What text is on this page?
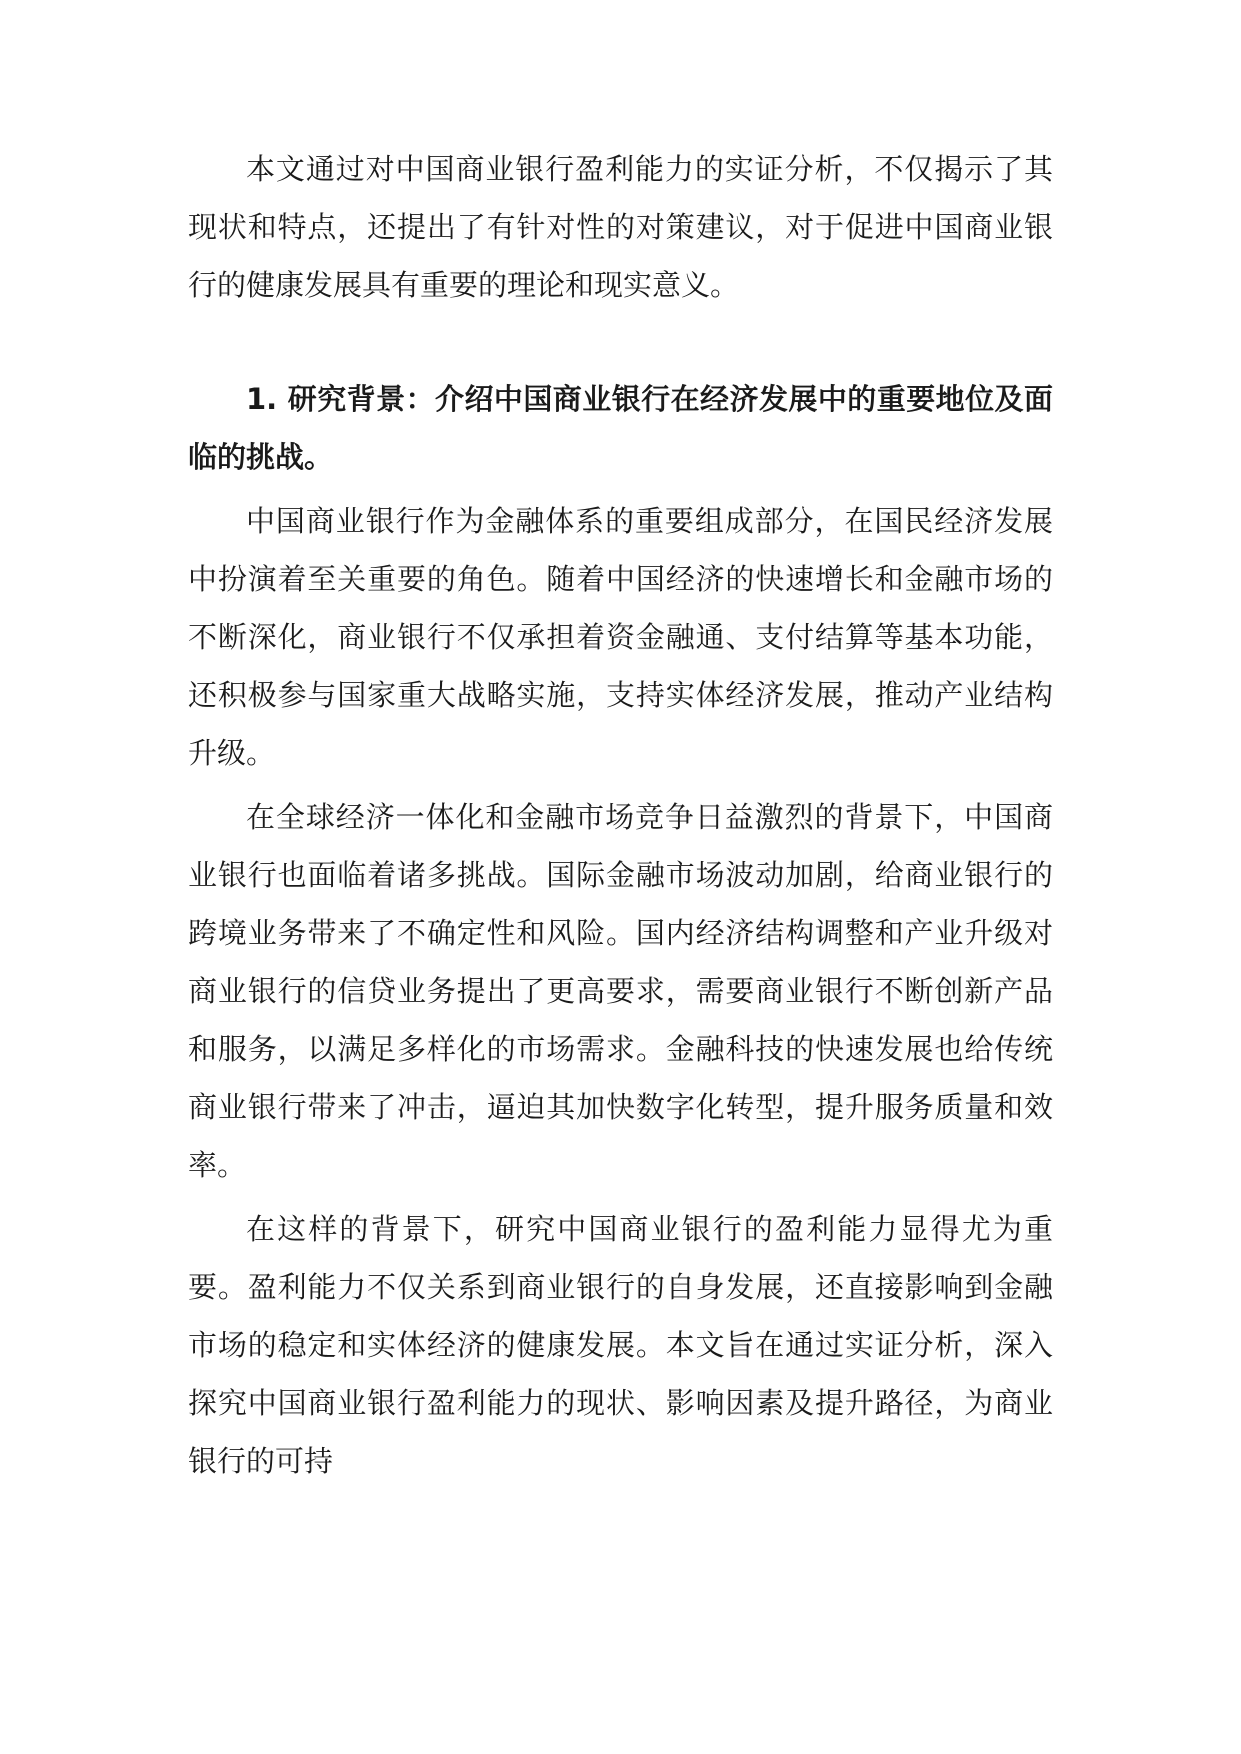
本文通过对中国商业银行盈利能力的实证分析，不仅揭示了其现状和特点，还提出了有针对性的对策建议，对于促进中国商业银行的健康发展具有重要的理论和现实意义。

1. 研究背景：介绍中国商业银行在经济发展中的重要地位及面临的挑战。

中国商业银行作为金融体系的重要组成部分，在国民经济发展中扮演着至关重要的角色。随着中国经济的快速增长和金融市场的不断深化，商业银行不仅承担着资金融通、支付结算等基本功能，还积极参与国家重大战略实施，支持实体经济发展，推动产业结构升级。

在全球经济一体化和金融市场竞争日益激烈的背景下，中国商业银行也面临着诸多挑战。国际金融市场波动加剧，给商业银行的跨境业务带来了不确定性和风险。国内经济结构调整和产业升级对商业银行的信贷业务提出了更高要求，需要商业银行不断创新产品和服务，以满足多样化的市场需求。金融科技的快速发展也给传统商业银行带来了冲击，逼迫其加快数字化转型，提升服务质量和效率。

在这样的背景下，研究中国商业银行的盈利能力显得尤为重要。盈利能力不仅关系到商业银行的自身发展，还直接影响到金融市场的稳定和实体经济的健康发展。本文旨在通过实证分析，深入探究中国商业银行盈利能力的现状、影响因素及提升路径，为商业银行的可持
